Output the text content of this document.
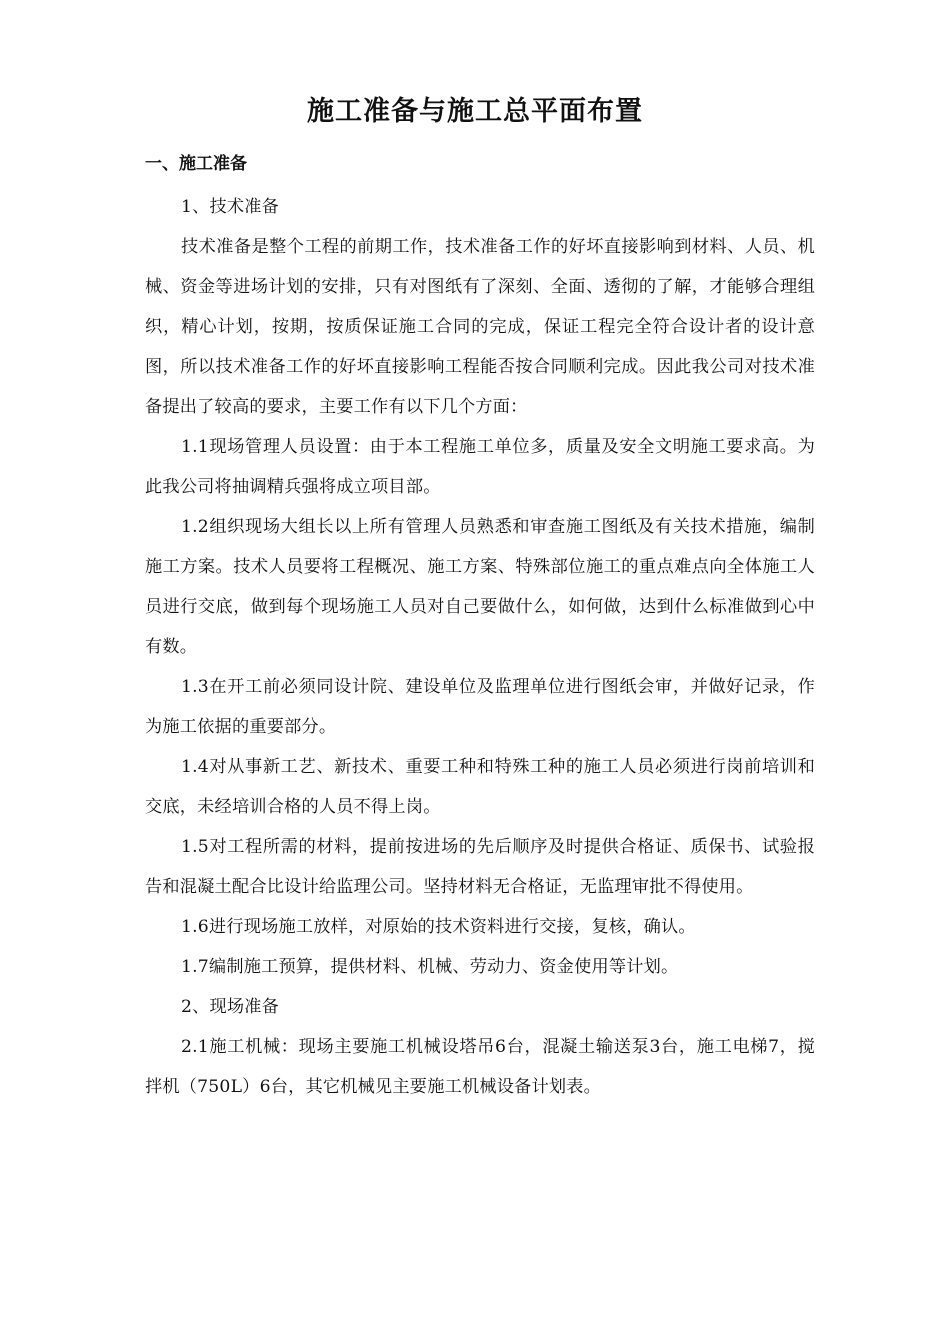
施工准备与施工总平面布置
一、施工准备

1、技术准备

技术准备是整个工程的前期工作，技术准备工作的好坏直接影响到材料、人员、机械、资金等进场计划的安排，只有对图纸有了深刻、全面、透彻的了解，才能够合理组织，精心计划，按期，按质保证施工合同的完成，保证工程完全符合设计者的设计意图，所以技术准备工作的好坏直接影响工程能否按合同顺利完成。因此我公司对技术准备提出了较高的要求，主要工作有以下几个方面：

1.1现场管理人员设置：由于本工程施工单位多，质量及安全文明施工要求高。为此我公司将抽调精兵强将成立项目部。

1.2组织现场大组长以上所有管理人员熟悉和审查施工图纸及有关技术措施，编制施工方案。技术人员要将工程概况、施工方案、特殊部位施工的重点难点向全体施工人员进行交底，做到每个现场施工人员对自己要做什么，如何做，达到什么标准做到心中有数。

1.3在开工前必须同设计院、建设单位及监理单位进行图纸会审，并做好记录，作为施工依据的重要部分。

1.4对从事新工艺、新技术、重要工种和特殊工种的施工人员必须进行岗前培训和交底，未经培训合格的人员不得上岗。

1.5对工程所需的材料，提前按进场的先后顺序及时提供合格证、质保书、试验报告和混凝土配合比设计给监理公司。坚持材料无合格证，无监理审批不得使用。

1.6进行现场施工放样，对原始的技术资料进行交接，复核，确认。

1.7编制施工预算，提供材料、机械、劳动力、资金使用等计划。

2、现场准备

2.1施工机械：现场主要施工机械设塔吊6台，混凝土输送泵3台，施工电梯7，搅拌机（750L）6台，其它机械见主要施工机械设备计划表。
